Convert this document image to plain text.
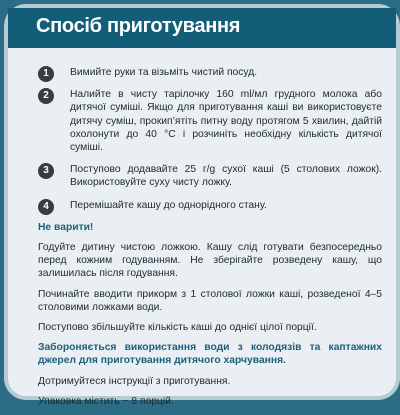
Спосіб приготування
1	Вимийте руки та візьміть чистий посуд.
2	Налийте в чисту тарілочку 160 ml/мл грудного молока або дитячої суміші. Якщо для приготування каші ви використовуєте дитячу суміш, прокип’ятіть питну воду протягом 5 хвилин, дайтій охолонути до 40 °C і розчиніть необхідну кількість дитячої суміші.
3	Поступово додавайте 25 г/g сухої каші (5 столових ложок). Використовуйте суху чисту ложку.
4	Перемішайте кашу до однорідного стану.
Не варити!
Годуйте дитину чистою ложкою. Кашу слід готувати безпосередньо перед кожним годуванням. Не зберігайте розведену кашу, що залишилась після годування.
Починайте вводити прикорм з 1 столової ложки каші, розведеної 4–5 столовими ложками води.
Поступово збільшуйте кількість каші до однієї цілої порції.
Забороняється використання води з колодязів та каптажних джерел для приготування дитячого харчування.
Дотримуйтеся інструкції з приготування.
Упаковка містить ~ 8 порцій.
